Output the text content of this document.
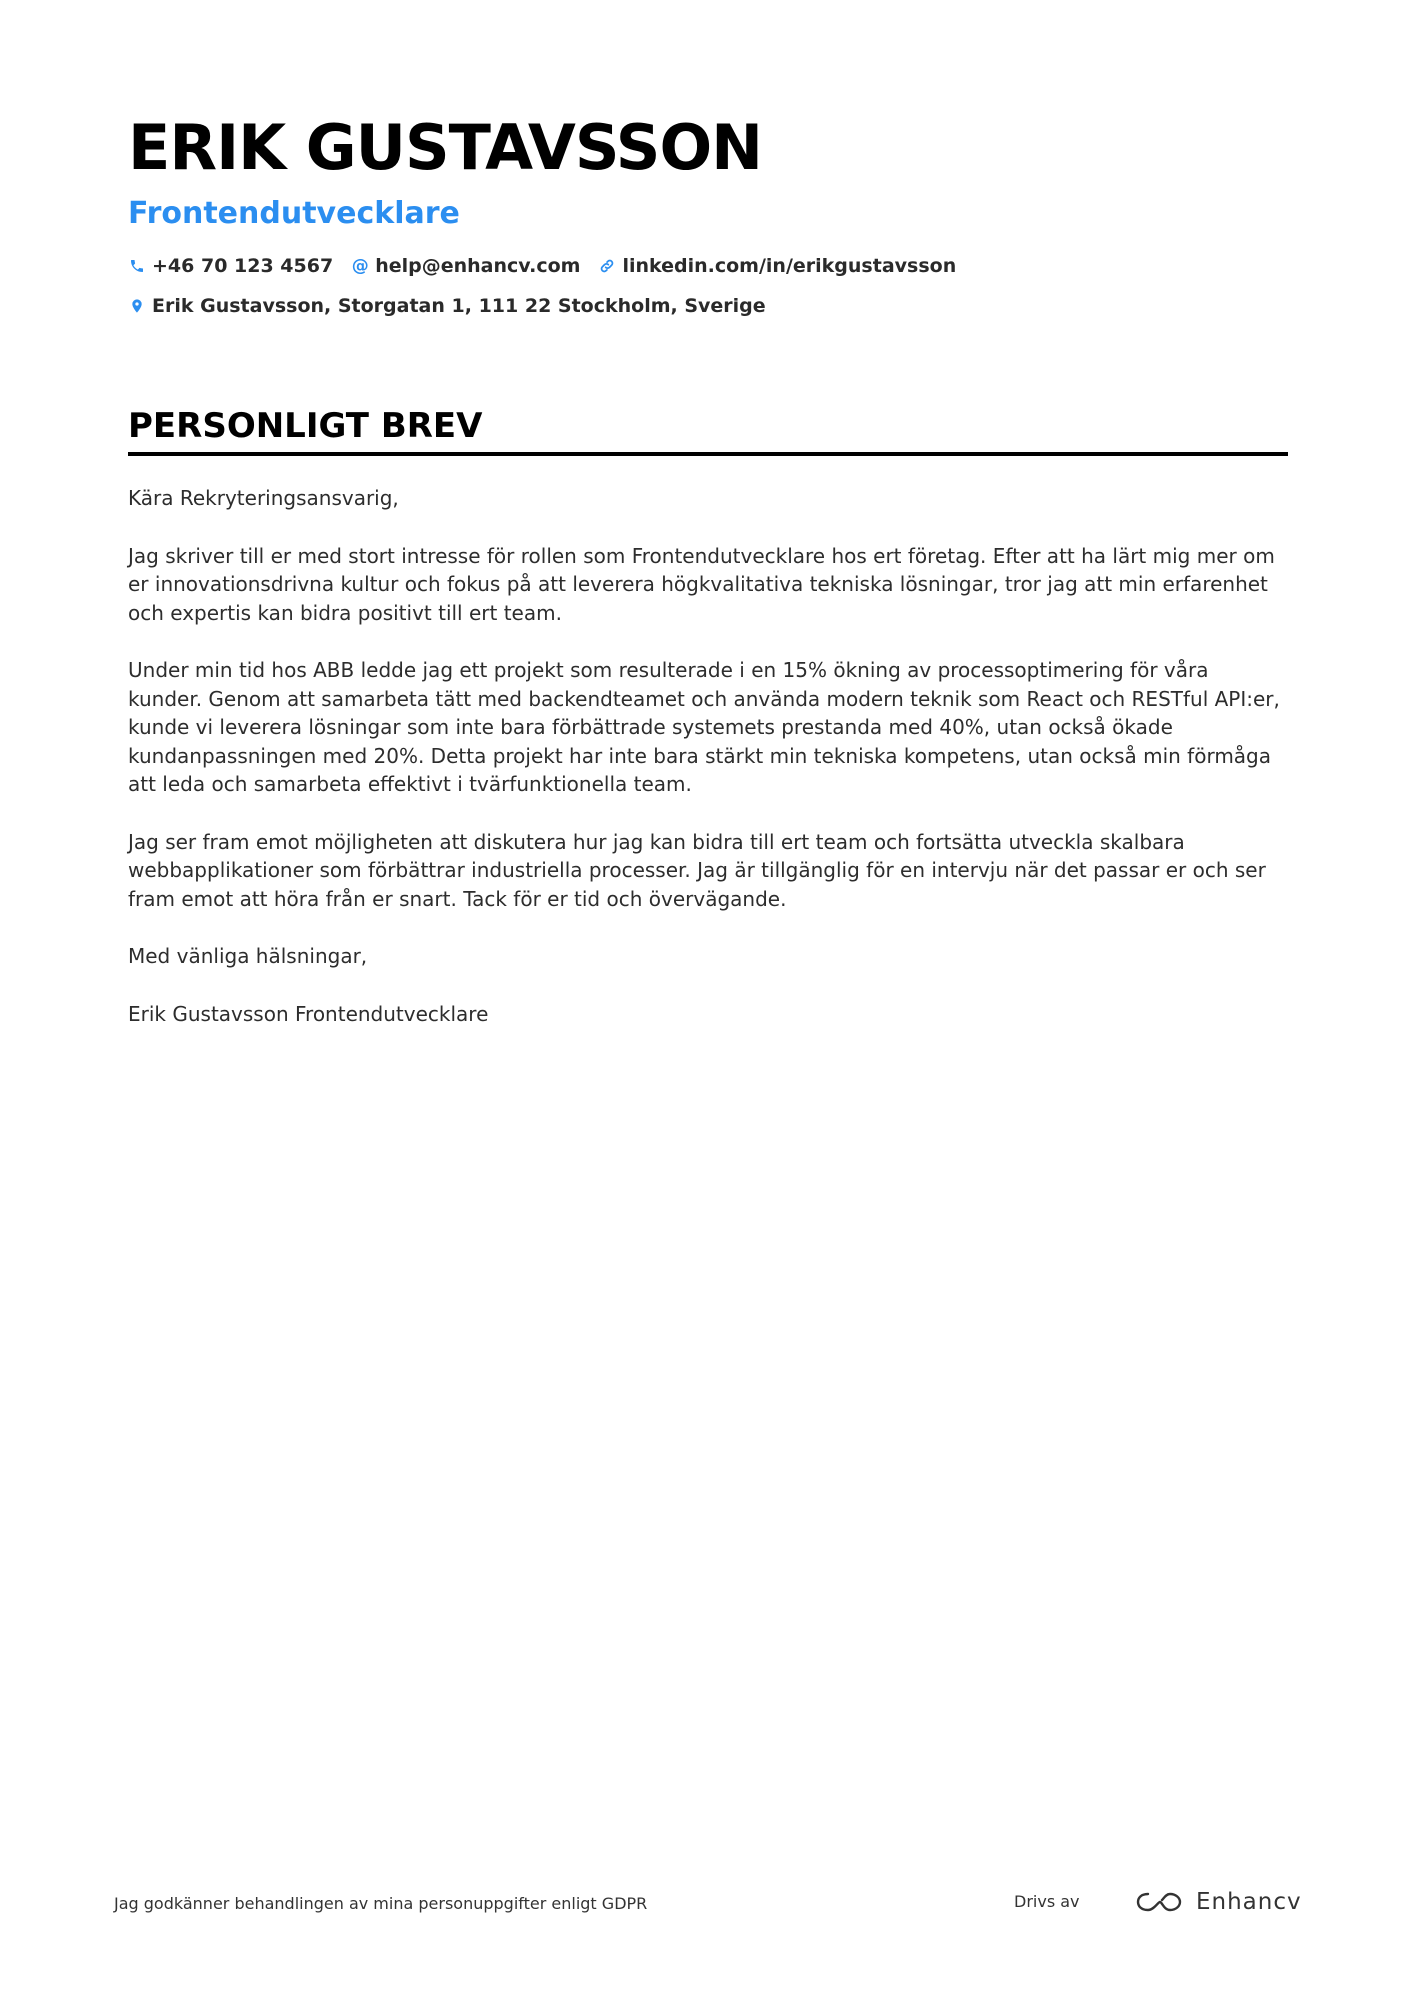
ERIK GUSTAVSSON
Frontendutvecklare
+46 70 123 4567 @ help@enhancv.com linkedin.com/in/erikgustavsson
Erik Gustavsson, Storgatan 1, 111 22 Stockholm, Sverige
PERSONLIGT BREV

Kära Rekryteringsansvarig,

Jag skriver till er med stort intresse för rollen som Frontendutvecklare hos ert företag. Efter att ha lärt mig mer om er innovationsdrivna kultur och fokus på att leverera högkvalitativa tekniska lösningar, tror jag att min erfarenhet och expertis kan bidra positivt till ert team.

Under min tid hos ABB ledde jag ett projekt som resulterade i en 15% ökning av processoptimering för våra kunder. Genom att samarbeta tätt med backendteamet och använda modern teknik som React och RESTful API:er, kunde vi leverera lösningar som inte bara förbättrade systemets prestanda med 40%, utan också ökade kundanpassningen med 20%. Detta projekt har inte bara stärkt min tekniska kompetens, utan också min förmåga att leda och samarbeta effektivt i tvärfunktionella team.

Jag ser fram emot möjligheten att diskutera hur jag kan bidra till ert team och fortsätta utveckla skalbara webbapplikationer som förbättrar industriella processer. Jag är tillgänglig för en intervju när det passar er och ser fram emot att höra från er snart. Tack för er tid och övervägande.

Med vänliga hälsningar,

Erik Gustavsson Frontendutvecklare

Jag godkänner behandlingen av mina personuppgifter enligt GDPR	Drivs av	Enhancv
